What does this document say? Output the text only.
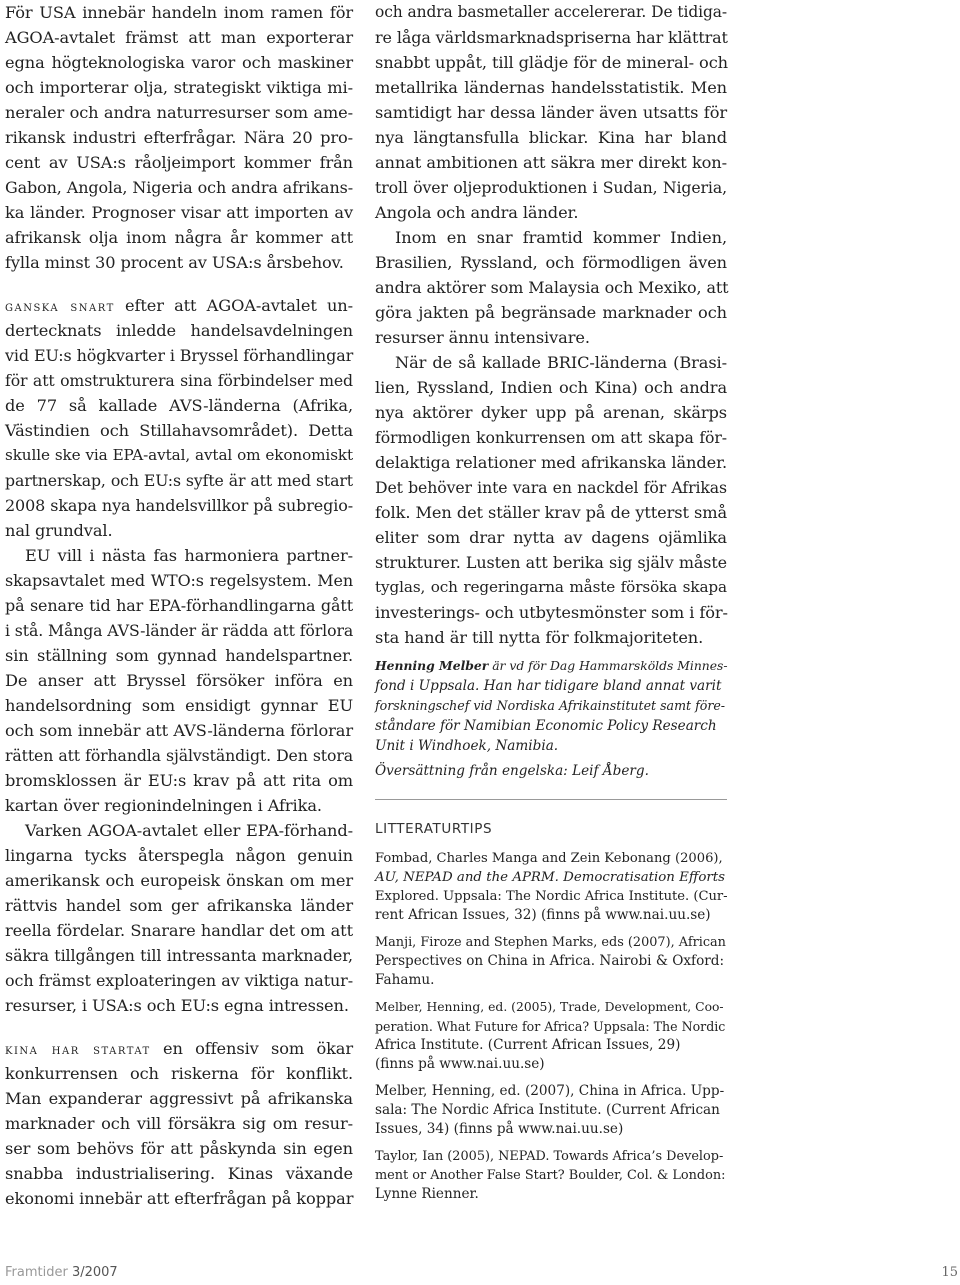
För USA innebär handeln inom ramen för
AGOA-avtalet främst att man exporterar
egna högteknologiska varor och maskiner
och importerar olja, strategiskt viktiga mi-
neraler och andra naturresurser som ame-
rikansk industri efterfrågar. Nära 20 pro-
cent av USA:s råoljeimport kommer från
Gabon, Angola, Nigeria och andra afrikans-
ka länder. Prognoser visar att importen av
afrikansk olja inom några år kommer att
fylla minst 30 procent av USA:s årsbehov.
ganska snart efter att AGOA-avtalet un-
dertecknats inledde handelsavdelningen
vid EU:s högkvarter i Bryssel förhandlingar
för att omstrukturera sina förbindelser med
de 77 så kallade AVS-länderna (Afrika,
Västindien och Stillahavsområdet). Detta
skulle ske via EPA-avtal, avtal om ekonomiskt
partnerskap, och EU:s syfte är att med start
2008 skapa nya handelsvillkor på subregio-
nal grundval.
EU vill i nästa fas harmoniera partner-
skapsavtalet med WTO:s regelsystem. Men
på senare tid har EPA-förhandlingarna gått
i stå. Många AVS-länder är rädda att förlora
sin ställning som gynnad handelspartner.
De anser att Bryssel försöker införa en
handelsordning som ensidigt gynnar EU
och som innebär att AVS-länderna förlorar
rätten att förhandla självständigt. Den stora
bromsklossen är EU:s krav på att rita om
kartan över regionindelningen i Afrika.
Varken AGOA-avtalet eller EPA-förhand-
lingarna tycks återspegla någon genuin
amerikansk och europeisk önskan om mer
rättvis handel som ger afrikanska länder
reella fördelar. Snarare handlar det om att
säkra tillgången till intressanta marknader,
och främst exploateringen av viktiga natur-
resurser, i USA:s och EU:s egna intressen.
kina har startat en offensiv som ökar
konkurrensen och riskerna för konflikt.
Man expanderar aggressivt på afrikanska
marknader och vill försäkra sig om resur-
ser som behövs för att påskynda sin egen
snabba industrialisering. Kinas växande
ekonomi innebär att efterfrågan på koppar
och andra basmetaller accelererar. De tidiga-
re låga världsmarknadspriserna har klättrat
snabbt uppåt, till glädje för de mineral- och
metallrika ländernas handelsstatistik. Men
samtidigt har dessa länder även utsatts för
nya längtansfulla blickar. Kina har bland
annat ambitionen att säkra mer direkt kon-
troll över oljeproduktionen i Sudan, Nigeria,
Angola och andra länder.
Inom en snar framtid kommer Indien,
Brasilien, Ryssland, och förmodligen även
andra aktörer som Malaysia och Mexiko, att
göra jakten på begränsade marknader och
resurser ännu intensivare.
När de så kallade BRIC-länderna (Brasi-
lien, Ryssland, Indien och Kina) och andra
nya aktörer dyker upp på arenan, skärps
förmodligen konkurrensen om att skapa för-
delaktiga relationer med afrikanska länder.
Det behöver inte vara en nackdel för Afrikas
folk. Men det ställer krav på de ytterst små
eliter som drar nytta av dagens ojämlika
strukturer. Lusten att berika sig själv måste
tyglas, och regeringarna måste försöka skapa
investerings- och utbytesmönster som i för-
sta hand är till nytta för folkmajoriteten.
Henning Melber är vd för Dag Hammarskölds Minnes-
fond i Uppsala. Han har tidigare bland annat varit
forskningschef vid Nordiska Afrikainstitutet samt före-
ståndare för Namibian Economic Policy Research
Unit i Windhoek, Namibia.
Översättning från engelska: Leif Åberg.
LITTERATURTIPS
Fombad, Charles Manga and Zein Kebonang (2006),
AU, NEPAD and the APRM. Democratisation Efforts
Explored. Uppsala: The Nordic Africa Institute. (Cur-
rent African Issues, 32) (finns på www.nai.uu.se)
Manji, Firoze and Stephen Marks, eds (2007), African
Perspectives on China in Africa. Nairobi & Oxford:
Fahamu.
Melber, Henning, ed. (2005), Trade, Development, Coo-
peration. What Future for Africa? Uppsala: The Nordic
Africa Institute. (Current African Issues, 29)
(finns på www.nai.uu.se)
Melber, Henning, ed. (2007), China in Africa. Upp-
sala: The Nordic Africa Institute. (Current African
Issues, 34) (finns på www.nai.uu.se)
Taylor, Ian (2005), NEPAD. Towards Africa’s Develop-
ment or Another False Start? Boulder, Col. & London:
Lynne Rienner.
Framtider 3/2007	15
